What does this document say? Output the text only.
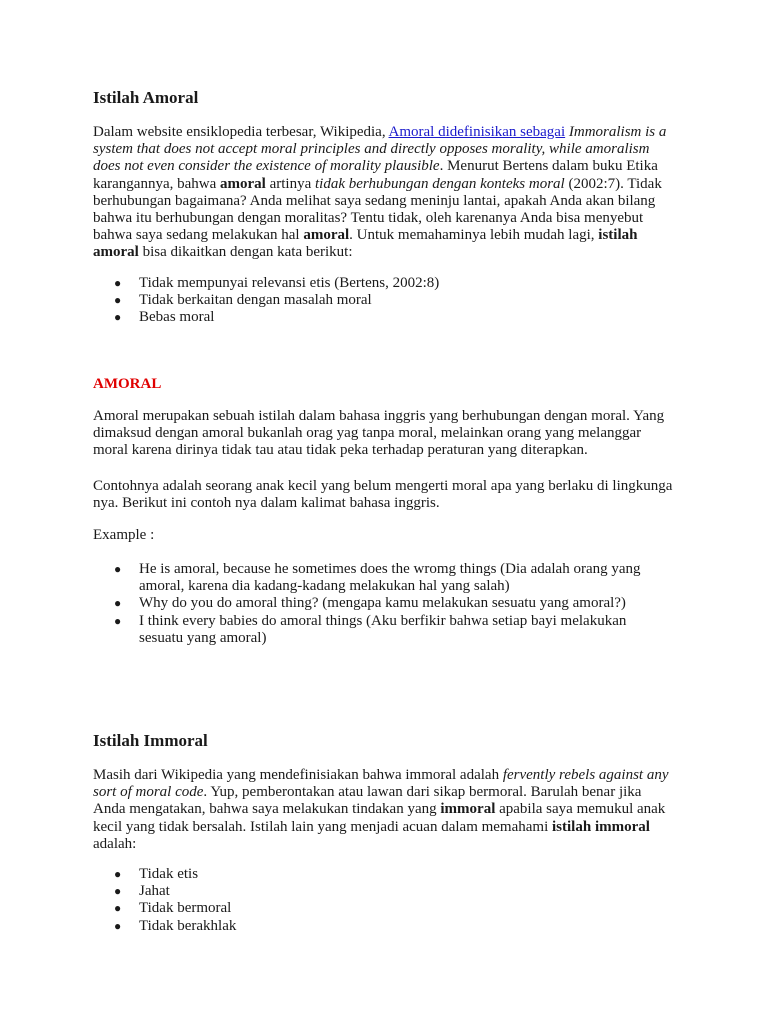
Istilah Amoral

Dalam website ensiklopedia terbesar, Wikipedia, Amoral didefinisikan sebagai Immoralism is a system that does not accept moral principles and directly opposes morality, while amoralism does not even consider the existence of morality plausible. Menurut Bertens dalam buku Etika karangannya, bahwa amoral artinya tidak berhubungan dengan konteks moral (2002:7). Tidak berhubungan bagaimana? Anda melihat saya sedang meninju lantai, apakah Anda akan bilang bahwa itu berhubungan dengan moralitas? Tentu tidak, oleh karenanya Anda bisa menyebut bahwa saya sedang melakukan hal amoral. Untuk memahaminya lebih mudah lagi, istilah amoral bisa dikaitkan dengan kata berikut:

● Tidak mempunyai relevansi etis (Bertens, 2002:8)
● Tidak berkaitan dengan masalah moral
● Bebas moral
AMORAL

Amoral merupakan sebuah istilah dalam bahasa inggris yang berhubungan dengan moral. Yang dimaksud dengan amoral bukanlah orag yag tanpa moral, melainkan orang yang melanggar moral karena dirinya tidak tau atau tidak peka terhadap peraturan yang diterapkan.

Contohnya adalah seorang anak kecil yang belum mengerti moral apa yang berlaku di lingkunga nya. Berikut ini contoh nya dalam kalimat bahasa inggris.

Example :

● He is amoral, because he sometimes does the wromg things (Dia adalah orang yang amoral, karena dia kadang-kadang melakukan hal yang salah)
● Why do you do amoral thing? (mengapa kamu melakukan sesuatu yang amoral?)
● I think every babies do amoral things (Aku berfikir bahwa setiap bayi melakukan sesuatu yang amoral)
Istilah Immoral

Masih dari Wikipedia yang mendefinisiakan bahwa immoral adalah fervently rebels against any sort of moral code. Yup, pemberontakan atau lawan dari sikap bermoral. Barulah benar jika Anda mengatakan, bahwa saya melakukan tindakan yang immoral apabila saya memukul anak kecil yang tidak bersalah. Istilah lain yang menjadi acuan dalam memahami istilah immoral adalah:

● Tidak etis
● Jahat
● Tidak bermoral
● Tidak berakhlak
